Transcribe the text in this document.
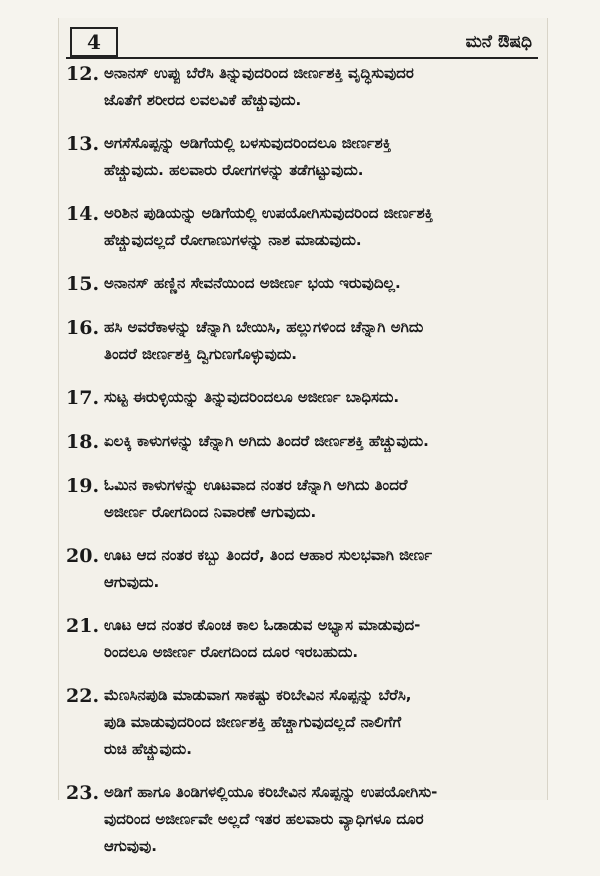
4	ಮನೆ ಔಷಧಿ
12. ಅನಾನಸ್ ಉಪ್ಪು ಬೆರೆಸಿ ತಿನ್ನುವುದರಿಂದ ಜೀರ್ಣಶಕ್ತಿ ವೃದ್ಧಿಸುವುದರ
ಜೊತೆಗೆ ಶರೀರದ ಲವಲವಿಕೆ ಹೆಚ್ಚುವುದು.
13. ಅಗಸೆಸೊಪ್ಪನ್ನು ಅಡಿಗೆಯಲ್ಲಿ ಬಳಸುವುದರಿಂದಲೂ ಜೀರ್ಣಶಕ್ತಿ
ಹೆಚ್ಚುವುದು. ಹಲವಾರು ರೋಗಗಳನ್ನು ತಡೆಗಟ್ಟುವುದು.
14. ಅರಿಶಿನ ಪುಡಿಯನ್ನು ಅಡಿಗೆಯಲ್ಲಿ ಉಪಯೋಗಿಸುವುದರಿಂದ ಜೀರ್ಣಶಕ್ತಿ
ಹೆಚ್ಚುವುದಲ್ಲದೆ ರೋಗಾಣುಗಳನ್ನು ನಾಶ ಮಾಡುವುದು.
15. ಅನಾನಸ್ ಹಣ್ಣಿನ ಸೇವನೆಯಿಂದ ಅಜೀರ್ಣ ಭಯ ಇರುವುದಿಲ್ಲ.
16. ಹಸಿ ಅವರೆಕಾಳನ್ನು ಚೆನ್ನಾಗಿ ಬೇಯಿಸಿ, ಹಲ್ಲುಗಳಿಂದ ಚೆನ್ನಾಗಿ ಅಗಿದು
ತಿಂದರೆ ಜೀರ್ಣಶಕ್ತಿ ದ್ವಿಗುಣಗೊಳ್ಳುವುದು.
17. ಸುಟ್ಟ ಈರುಳ್ಳಿಯನ್ನು ತಿನ್ನುವುದರಿಂದಲೂ ಅಜೀರ್ಣ ಬಾಧಿಸದು.
18. ಏಲಕ್ಕಿ ಕಾಳುಗಳನ್ನು ಚೆನ್ನಾಗಿ ಅಗಿದು ತಿಂದರೆ ಜೀರ್ಣಶಕ್ತಿ ಹೆಚ್ಚುವುದು.
19. ಓಮಿನ ಕಾಳುಗಳನ್ನು ಊಟವಾದ ನಂತರ ಚೆನ್ನಾಗಿ ಅಗಿದು ತಿಂದರೆ
ಅಜೀರ್ಣ ರೋಗದಿಂದ ನಿವಾರಣೆ ಆಗುವುದು.
20. ಊಟ ಆದ ನಂತರ ಕಬ್ಬು ತಿಂದರೆ, ತಿಂದ ಆಹಾರ ಸುಲಭವಾಗಿ ಜೀರ್ಣ
ಆಗುವುದು.
21. ಊಟ ಆದ ನಂತರ ಕೊಂಚ ಕಾಲ ಓಡಾಡುವ ಅಭ್ಯಾಸ ಮಾಡುವುದ-
ರಿಂದಲೂ ಅಜೀರ್ಣ ರೋಗದಿಂದ ದೂರ ಇರಬಹುದು.
22. ಮೆಣಸಿನಪುಡಿ ಮಾಡುವಾಗ ಸಾಕಷ್ಟು ಕರಿಬೇವಿನ ಸೊಪ್ಪನ್ನು ಬೆರೆಸಿ,
ಪುಡಿ ಮಾಡುವುದರಿಂದ ಜೀರ್ಣಶಕ್ತಿ ಹೆಚ್ಚಾಗುವುದಲ್ಲದೆ ನಾಲಿಗೆಗೆ
ರುಚಿ ಹೆಚ್ಚುವುದು.
23. ಅಡಿಗೆ ಹಾಗೂ ತಿಂಡಿಗಳಲ್ಲಿಯೂ ಕರಿಬೇವಿನ ಸೊಪ್ಪನ್ನು ಉಪಯೋಗಿಸು-
ವುದರಿಂದ ಅಜೀರ್ಣವೇ ಅಲ್ಲದೆ ಇತರ ಹಲವಾರು ವ್ಯಾಧಿಗಳೂ ದೂರ
ಆಗುವುವು.
